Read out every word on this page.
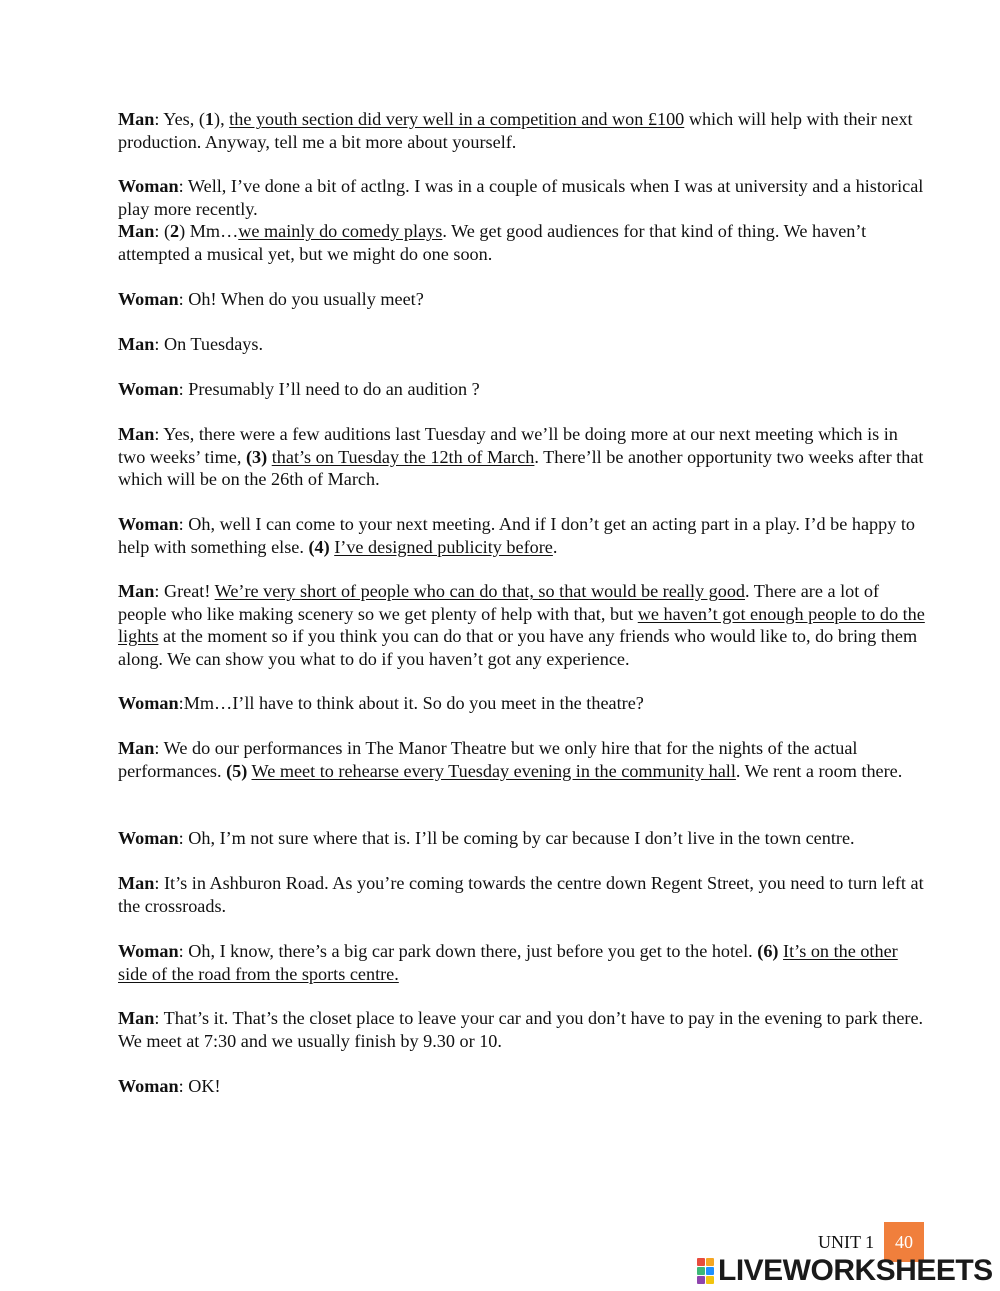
Man: Yes, (1), the youth section did very well in a competition and won £100 which will help with their next production. Anyway, tell me a bit more about yourself.

Woman: Well, I’ve done a bit of actlng. I was in a couple of musicals when I was at university and a historical play more recently.

Man: (2) Mm…we mainly do comedy plays. We get good audiences for that kind of thing. We haven’t attempted a musical yet, but we might do one soon.

Woman: Oh! When do you usually meet?

Man: On Tuesdays.

Woman: Presumably I’ll need to do an audition ?

Man: Yes, there were a few auditions last Tuesday and we’ll be doing more at our next meeting which is in two weeks’ time, (3) that’s on Tuesday the 12th of March. There’ll be another opportunity two weeks after that which will be on the 26th of March.

Woman: Oh, well I can come to your next meeting. And if I don’t get an acting part in a play. I’d be happy to help with something else. (4) I’ve designed publicity before.

Man: Great! We’re very short of people who can do that, so that would be really good. There are a lot of people who like making scenery so we get plenty of help with that, but we haven’t got enough people to do the lights at the moment so if you think you can do that or you have any friends who would like to, do bring them along. We can show you what to do if you haven’t got any experience.

Woman:Mm…I’ll have to think about it. So do you meet in the theatre?

Man: We do our performances in The Manor Theatre but we only hire that for the nights of the actual performances. (5) We meet to rehearse every Tuesday evening in the community hall. We rent a room there.

Woman: Oh, I’m not sure where that is. I’ll be coming by car because I don’t live in the town centre.

Man: It’s in Ashburon Road. As you’re coming towards the centre down Regent Street, you need to turn left at the crossroads.

Woman: Oh, I know, there’s a big car park down there, just before you get to the hotel. (6) It’s on the other side of the road from the sports centre.

Man: That’s it. That’s the closet place to leave your car and you don’t have to pay in the evening to park there. We meet at 7:30 and we usually finish by 9.30 or 10.

Woman: OK!

UNIT 1	40
LIVEWORKSHEETS
